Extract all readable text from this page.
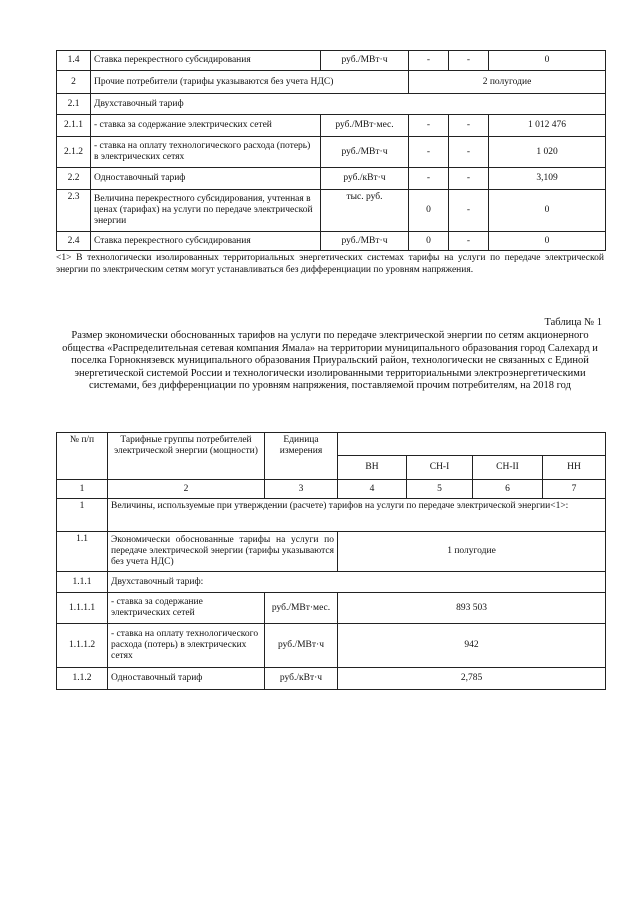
1.4	Ставка перекрестного субсидирования	руб./МВт·ч	-	-	0
2	Прочие потребители (тарифы указываются без учета НДС)		2 полугодие		
2.1	Двухставочный тариф				
2.1.1	- ставка за содержание электрических сетей	руб./МВт·мес.	-	-	1 012 476
2.1.2	- ставка на оплату технологического расхода (потерь) в электрических сетях	руб./МВт·ч	-	-	1 020
2.2	Одноставочный тариф	руб./кВт·ч	-	-	3,109
2.3	Величина перекрестного субсидирования, учтенная в ценах (тарифах) на услуги по передаче электрической энергии	тыс. руб.	0	-	0
2.4	Ставка перекрестного субсидирования	руб./МВт·ч	0	-	0
<1> В технологически изолированных территориальных энергетических системах тарифы на услуги по передаче электрической энергии по электрическим сетям могут устанавливаться без дифференциации по уровням напряжения.
Таблица № 1
Размер экономически обоснованных тарифов на услуги по передаче электрической энергии по сетям акционерного общества «Распределительная сетевая компания Ямала» на территории муниципального образования город Салехард и поселка Горнокнязевск муниципального образования Приуральский район, технологически не связанных с Единой энергетической системой России и технологически изолированными территориальными электроэнергетическими системами, без дифференциации по уровням напряжения, поставляемой прочим потребителям, на 2018 год
№ п/п	Тарифные группы потребителей электрической энергии (мощности)	Единица измерения				
			ВН	СН-I	СН-II	НН
1	2	3	4	5	6	7
1	Величины, используемые при утверждении (расчете) тарифов на услуги по передаче электрической энергии<1>:					
1.1	Экономически обоснованные тарифы на услуги по передаче электрической энергии (тарифы указываются без учета НДС)		1 полугодие			
1.1.1	Двухставочный тариф:					
1.1.1.1	- ставка за содержание электрических сетей	руб./МВт·мес.	893 503			
1.1.1.2	- ставка на оплату технологического расхода (потерь) в электрических сетях	руб./МВт·ч	942			
1.1.2	Одноставочный тариф	руб./кВт·ч	2,785			
